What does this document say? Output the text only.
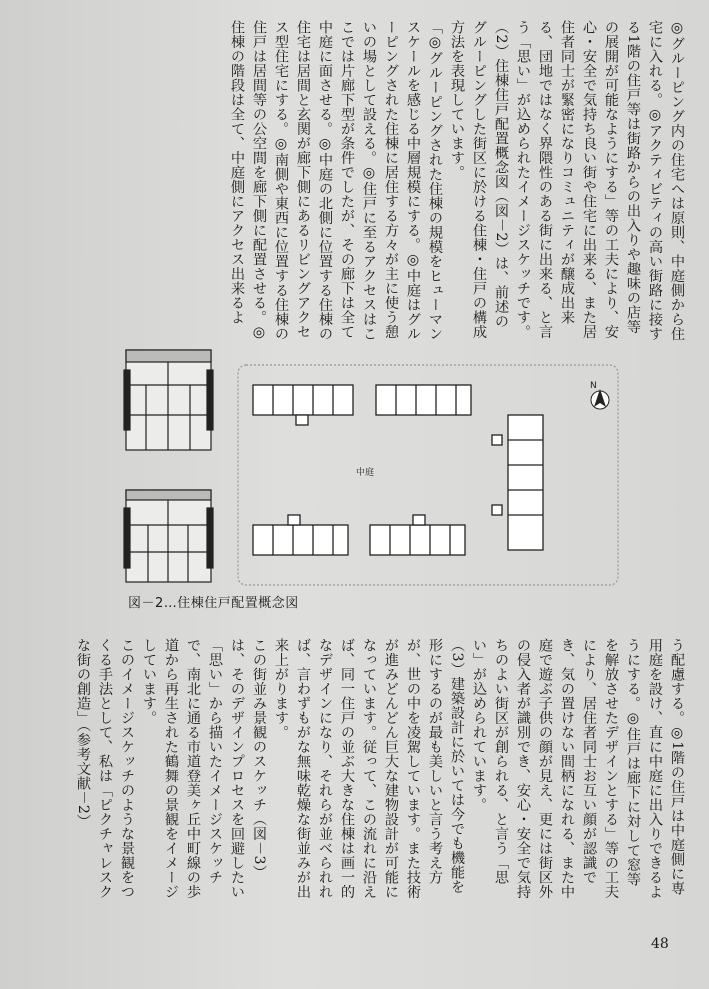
◎グルーピング内の住宅へは原則、中庭側から住宅に入れる。◎アクティビティの高い街路に接する1階の住戸等は街路からの出入りや趣味の店等の展開が可能なようにする」等の工夫により、安心・安全で気持ち良い街や住宅に出来る、また居住者同士が緊密になりコミュニティが醸成出来る、団地ではなく界隈性のある街に出来る、と言う「思い」が込められたイメージスケッチです。
（2）住棟住戸配置概念図（図－2）は、前述のグルーピングした街区に於ける住棟・住戸の構成方法を表現しています。
「◎グルーピングされた住棟の規模をヒューマンスケールを感じる中層規模にする。◎中庭はグルーピングされた住棟に居住する方々が主に使う憩いの場として設える。◎住戸に至るアクセスはここでは片廊下型が条件でしたが、その廊下は全て中庭に面させる。◎中庭の北側に位置する住棟の住宅は居間と玄関が廊下側にあるリビングアクセス型住宅にする。◎南側や東西に位置する住棟の住戸は居間等の公空間を廊下側に配置させる。◎住棟の階段は全て、中庭側にアクセス出来るよ
中庭
N
図－2…住棟住戸配置概念図
う配慮する。◎1階の住戸は中庭側に専用庭を設け、直に中庭に出入りできるようにする。◎住戸は廊下に対して窓等を解放させたデザインとする」等の工夫により、居住者同士お互い顔が認識でき、気の置けない間柄になれる、また中庭で遊ぶ子供の顔が見え、更には街区外の侵入者が識別でき、安心・安全で気持ちのよい街区が創られる、と言う「思い」が込められています。
（3）建築設計に於いては今でも機能を形にするのが最も美しいと言う考え方が、世の中を凌駕しています。また技術が進みどんどん巨大な建物設計が可能になっています。従って、この流れに沿えば、同一住戸の並ぶ大きな住棟は画一的なデザインになり、それらが並べられれば、言わずもがな無味乾燥な街並みが出来上がります。
この街並み景観のスケッチ（図－3）は、そのデザインプロセスを回避したい「思い」から描いたイメージスケッチで、南北に通る市道登美ヶ丘中町線の歩道から再生された鶴舞の景観をイメージしています。
このイメージスケッチのような景観をつくる手法として、私は「ピクチャレスクな街の創造」（参考文献－2）
48
